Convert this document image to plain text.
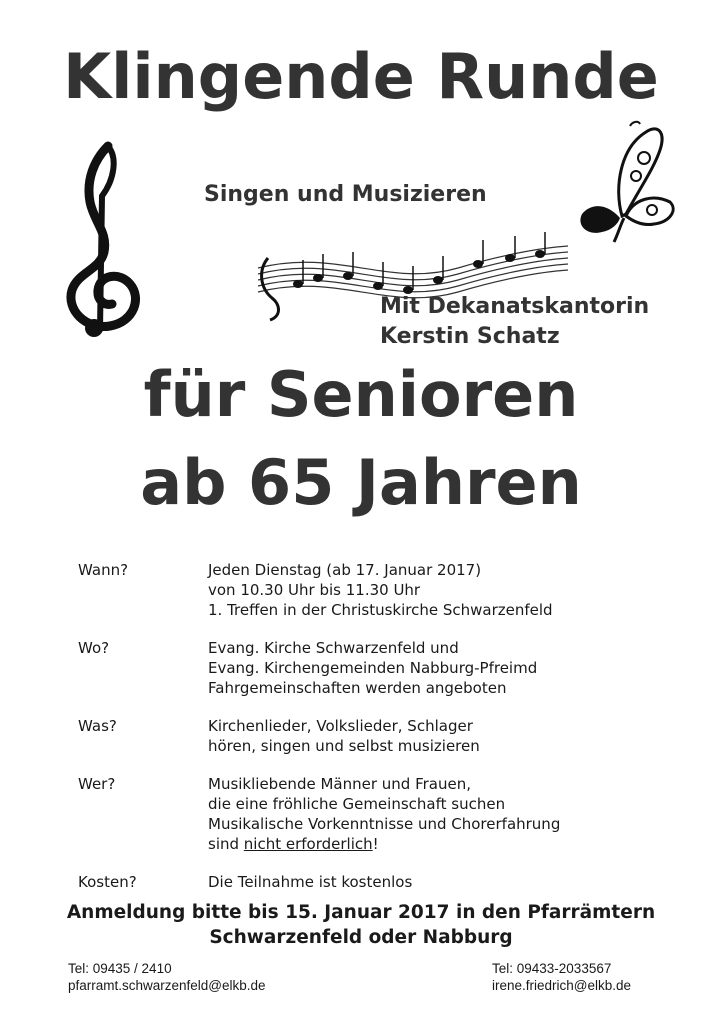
Klingende Runde
Singen und Musizieren
Mit Dekanatskantorin
Kerstin Schatz
für Senioren
ab 65 Jahren
Wann?	Jeden Dienstag (ab 17. Januar 2017)
von 10.30 Uhr bis 11.30 Uhr
1. Treffen in der Christuskirche Schwarzenfeld
Wo?	Evang. Kirche Schwarzenfeld und
Evang. Kirchengemeinden Nabburg-Pfreimd
Fahrgemeinschaften werden angeboten
Was?	Kirchenlieder, Volkslieder, Schlager
hören, singen und selbst musizieren
Wer?	Musikliebende Männer und Frauen,
die eine fröhliche Gemeinschaft suchen
Musikalische Vorkenntnisse und Chorerfahrung
sind nicht erforderlich!
Kosten?	Die Teilnahme ist kostenlos
Anmeldung bitte bis 15. Januar 2017 in den Pfarrämtern
Schwarzenfeld oder Nabburg
Tel: 09435 / 2410
pfarramt.schwarzenfeld@elkb.de
Tel: 09433-2033567
irene.friedrich@elkb.de
